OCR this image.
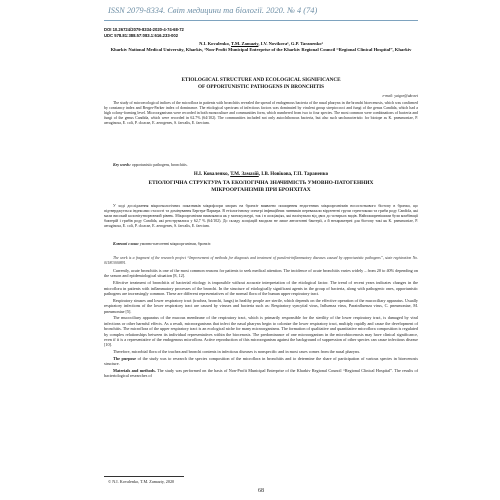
ISSN 2079-8334. Світ медицини та біології. 2020. № 4 (74)
DOI 10.26724/2079-8334-2020-4-74-68-72
UDC 578.81:388.57:083.1:616.233-002
N.I. Kovalenko, T.M. Zamaziy, I.V. Novikova¹, G.P. Taranenko¹
Kharkiv National Medical University, Kharkiv, ¹Non-Profit Municipal Enterprise of the Kharkiv Regional Council “Regional Clinical Hospital”, Kharkiv
ETIOLOGICAL STRUCTURE AND ECOLOGICAL SIGNIFICANCE
OF OPPORTUNISTIC PATHOGENS IN BRONCHITIS
e-mail: yaigor@ukr.net
The study of microecological indices of the microflora in patients with bronchitis revealed the spread of endogenous bacteria of the nasal pharynx in the bronchi bioecenosis, which was confirmed by constancy index and Berger-Parker index of dominance. The etiological spectrum of infectious factors was dominated by virulent group streptococci and fungi of the genus Candida, which had a high colony-forming level. Microorganisms were recorded in both monoculture and communities form, which numbered from two to four species. The most common were combinations of bacteria and fungi of the genus Candida, which were recorded in 62.7% (64/102). The communities included not only autochthonous bacteria, but also such uncharacteristic for biotope as K. pneumoniae, P. aeruginosa, E. coli, P. cloacae, E. aerogenes, S. faecalis, E. faecium.
Key words: opportunistic pathogens, bronchitis.
Н.І. Коваленко, Т.М. Замазій, І.В. Новікова, Г.П. Тараненко
ЕТІОЛОГІЧНА СТРУКТУРА ТА ЕКОЛОГІЧНА ЗНАЧИМІСТЬ УМОВНО-ПАТОГЕННИХ
МІКРООРГАНІЗМІВ ПРИ БРОНХІТАХ
У ході дослідження мікроекологічних показників мікрофлори хворих на бронхіт виявлено поширення ендогенних мікроорганізмів носоглоткового біотопу в бронхи, що підтверджується індексами сталості та домінування Бергера-Паркера. В етіологічному спектрі інфекційних чинників переважали вірулентні групи стрептококи та гриби роду Candida, які мали високий колонієутворюючий рівень. Мікроорганізми виявлялися як у монокультурі, так і в асоціаціях, які налічували від двох до чотирьох видів. Найпоширенішими були комбінації бактерій і грибів роду Candida, які реєструвалися у 62,7 % (64/102). До складу асоціацій входили не лише автохтонні бактерії, а й нехарактерні для біотопу такі як K. pneumoniae, P. aeruginosa, E. coli, P. cloacae, E. aerogenes, S. faecalis, E. faecium.
Ключові слова: умовно-патогенні мікроорганізми, бронхіт.
The work is a fragment of the research project “Improvement of methods for diagnosis and treatment of purulent-inflammatory diseases caused by opportunistic pathogens”, state registration No. 0118U000891.

Currently, acute bronchitis is one of the most common reasons for patients to seek medical attention. The incidence of acute bronchitis varies widely – from 20 to 40% depending on the season and epidemiological situation [8, 12].

Effective treatment of bronchitis of bacterial etiology is impossible without accurate interpretation of the etiological factor. The trend of recent years indicates changes in the microflora in patients with inflammatory processes of the bronchi. In the structure of etiologically significant agents in the group of bacteria, along with pathogenic ones, opportunistic pathogens are increasingly common. These are different representatives of the normal flora of the human upper respiratory tract.

Respiratory sinuses and lower respiratory tract (trachea, bronchi, lungs) in healthy people are sterile, which depends on the effective operation of the mucociliary apparatus. Usually respiratory infections of the lower respiratory tract are caused by viruses and bacteria such as: Respiratory syncytial virus, Influenza virus, Parainfluenza virus, C. pneumoniae, M. pneumoniae [5].

The mucociliary apparatus of the mucous membrane of the respiratory tract, which is primarily responsible for the sterility of the lower respiratory tract, is damaged by viral infections or other harmful effects. As a result, microorganisms that infect the nasal pharynx begin to colonize the lower respiratory tract, multiply rapidly and cause the development of bronchitis. The microflora of the upper respiratory tract is an ecological niche for many microorganisms. The formation of qualitative and quantitative microflora composition is regulated by complex relationships between its individual representatives within the biocenosis. The predominance of one microorganism in the microbiocenosis may have clinical significance, even if it is a representative of the endogenous microflora. Active reproduction of this microorganism against the background of suppression of other species can cause infectious disease [10].

Therefore, microbial flora of the trachea and bronchi contents in infectious diseases is nonspecific and in most cases comes from the nasal pharynx.

The purpose of the study was to research the species composition of the microflora in bronchitis and to determine the share of participation of various species in bioecenosis structure.

Materials and methods. The study was performed on the basis of Non-Profit Municipal Enterprise of the Kharkiv Regional Council “Regional Clinical Hospital”. The results of bacteriological researches of

© N.I. Kovalenko, T.M. Zamaziy, 2020
68
